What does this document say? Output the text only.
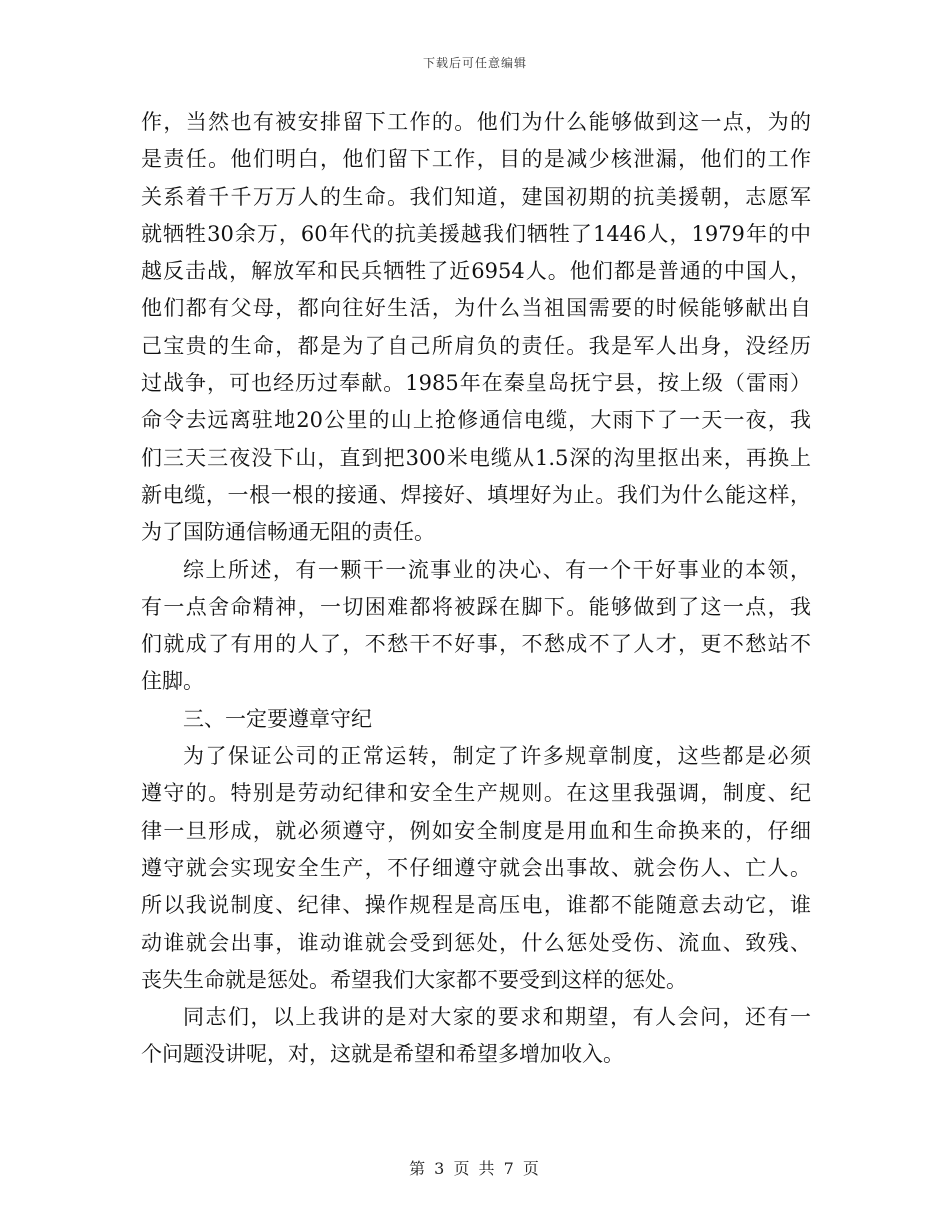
下载后可任意编辑
作，当然也有被安排留下工作的。他们为什么能够做到这一点，为的
是责任。他们明白，他们留下工作，目的是减少核泄漏，他们的工作
关系着千千万万人的生命。我们知道，建国初期的抗美援朝，志愿军
就牺牲30余万，60年代的抗美援越我们牺牲了1446人，1979年的中
越反击战，解放军和民兵牺牲了近6954人。他们都是普通的中国人，
他们都有父母，都向往好生活，为什么当祖国需要的时候能够献出自
己宝贵的生命，都是为了自己所肩负的责任。我是军人出身，没经历
过战争，可也经历过奉献。1985年在秦皇岛抚宁县，按上级（雷雨）
命令去远离驻地20公里的山上抢修通信电缆，大雨下了一天一夜，我
们三天三夜没下山，直到把300米电缆从1.5深的沟里抠出来，再换上
新电缆，一根一根的接通、焊接好、填埋好为止。我们为什么能这样，
为了国防通信畅通无阻的责任。
综上所述，有一颗干一流事业的决心、有一个干好事业的本领，
有一点舍命精神，一切困难都将被踩在脚下。能够做到了这一点，我
们就成了有用的人了，不愁干不好事，不愁成不了人才，更不愁站不
住脚。
三、一定要遵章守纪
为了保证公司的正常运转，制定了许多规章制度，这些都是必须
遵守的。特别是劳动纪律和安全生产规则。在这里我强调，制度、纪
律一旦形成，就必须遵守，例如安全制度是用血和生命换来的，仔细
遵守就会实现安全生产，不仔细遵守就会出事故、就会伤人、亡人。
所以我说制度、纪律、操作规程是高压电，谁都不能随意去动它，谁
动谁就会出事，谁动谁就会受到惩处，什么惩处受伤、流血、致残、
丧失生命就是惩处。希望我们大家都不要受到这样的惩处。
同志们，以上我讲的是对大家的要求和期望，有人会问，还有一
个问题没讲呢，对，这就是希望和希望多增加收入。
第 3 页 共 7 页
